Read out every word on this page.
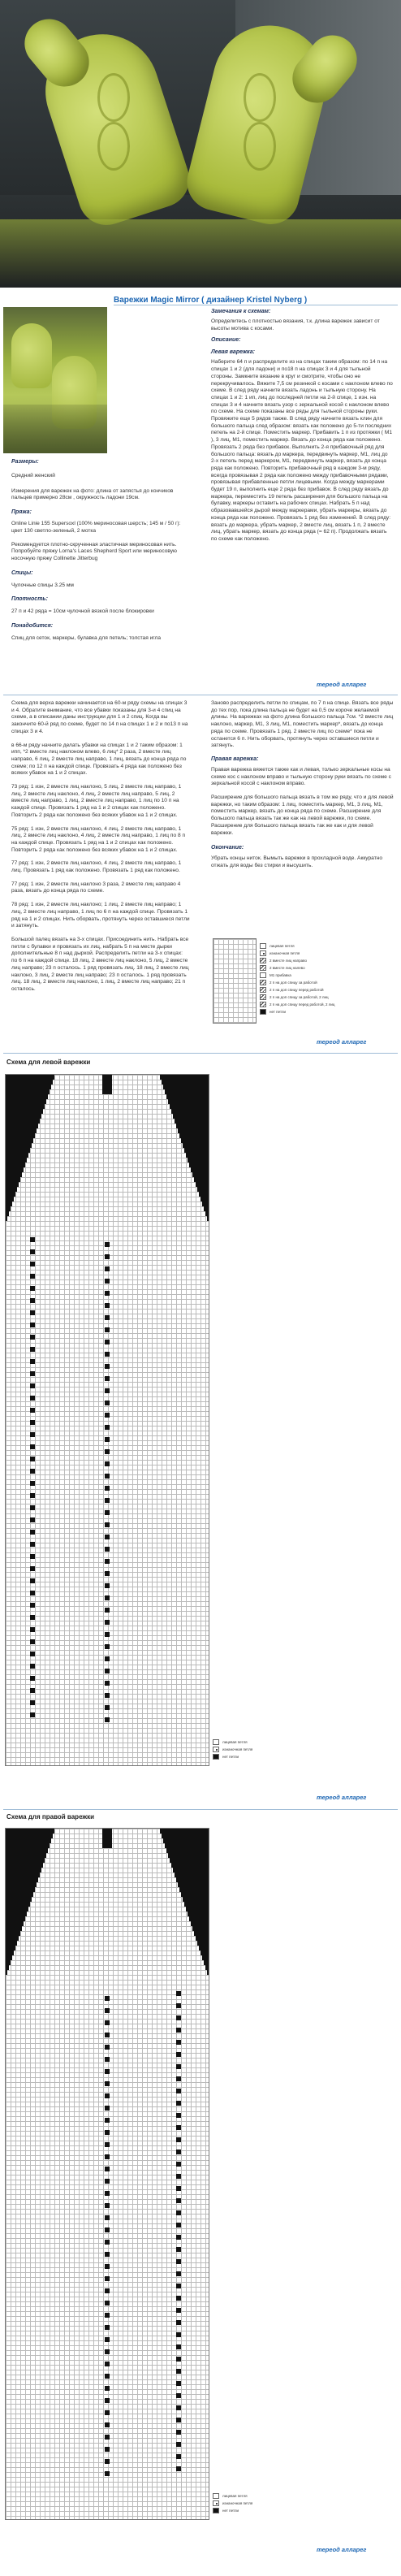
Варежки Magic Mirror ( дизайнер Kristel Nyberg )
Размеры:
Средний женский
Измерения для варежек на фото: длина от запястья до кончиков пальцев примерно 28см , окружность ладони 19см.
Пряжа:
Online Linie 155 Supersoxl (100% мериносовая шерсть; 145 м / 50 г): цвет 130 светло-зеленый, 2 мотка
Рекомендуется плотно-скрученная эластичная мериносовая нить. Попробуйте пряжу Lorna's Laces Shepherd Sport или мериносовую носочную пряжу Collinette Jitterbug
Спицы:
Чулочные спицы 3.25 мм
Плотность:
27 п и 42 ряда = 10см чулочной вязкой после блокировки
Понадобится:
Спиц для сеток, маркеры, булавка для петель; толстая игла
Замечания к схемам:
Определитесь с плотностью вязания, т.к. длина варежек зависит от высоты мотива с косами.
Описание:
Левая варежка:
Наберите 64 п и распределите из на спицах таким образом: по 14 п на спицах 1 и 2 (для ладони) и по18 п на спицах 3 и 4 для тыльной стороны. Замкните вязание в круг и смотрите, чтобы оно не перекручивалось. Вяжите 7,5 см резинкой с косами с наклоном влево по схеме. В след ряду начните вязать ладонь и тыльную сторону. На спицах 1 и 2: 1 ип, лиц до последней петли на 2-й спице, 1 изн. на спицах 3 и 4 начните вязать узор с зеркальной косой с наклоном влево по схеме. На схеме показаны все ряды для тыльной стороны руки. Провяжите еще 5 рядов также. В след ряду начните вязать клин для большого пальца след образом: вязать как положено до 5-ти последних петель на 2-й спице. Поместить маркер. Прибавить 1 п из протяжки ( М1 ), 3 лиц, М1, поместить маркер. Вязать до конца ряда как положено. Провязать 2 ряда без прибавок. Выполнить 2-я прибавочный ряд для большого пальца: вязать до маркера, передвинуть маркер, М1, лиц до 2-х петель перед маркером, М1, передвинуть маркер, вязать до конца ряда как положено. Повторить прибавочный ряд в каждом 3-м ряду, всегда провязывая 2 ряда как положено между прибавочными рядами, провязывая прибавленные петли лицевыми. Когда между маркерами будет 19 п, выполнить еще 2 ряда без прибавок. В след ряду вязать до маркера, переместить 19 петель расширения для большого пальца на булавку, маркеры оставить на рабочих спицах. Набрать 5 п над образовавшейся дырой между маркерами, убрать маркеры, вязать до конца ряда как положено. Провязать 1 ряд без изменений. В след ряду: вязать до маркера, убрать маркер, 2 вместе лиц, вязать 1 п, 2 вместе лиц, убрать маркер, вязать до конца ряда (= 62 п). Продолжать вязать по схеме как положено.
тереод алларег
Схема для верха варежки начинается на 60-м ряду схемы на спицах 3 и 4. Обратите внимание, что все убавки показаны для 3-и 4 спиц на схеме, а в описании даны инструкции для 1 и 2 спиц. Когда вы закончите 60-й ряд по схеме, будет по 14 п на спицах 1 и 2 и по13 п на спицах 3 и 4.
в 66-м ряду начните делать убавки на спицах 1 и 2 таким образом: 1 ипп, *2 вместе лиц наклоном влево, 6 лиц* 2 раза, 2 вместе лиц направо, 6 лиц, 2 вместе лиц направо, 1 лиц, вязать до конца ряда по схеме; по 12 п на каждой спице. Провязать 4 ряда как положено без всяких убавок на 1 и 2 спицах.
73 ряд: 1 изн, 2 вместе лиц наклоно, 5 лиц, 2 вместе лиц направо, 1 лиц, 2 вместе лиц наклоно, 4 лиц, 2 вместе лиц направо, 5 лиц, 2 вместе лиц направо, 1 лиц, 2 вместе лиц направо, 1 лиц по 10 п на каждой спице. Провязать 1 ряд на 1 и 2 спицах как положено. Повторить 2 ряда как положено без всяких убавок на 1 и 2 спицах.
75 ряд: 1 изн, 2 вместе лиц наклоно, 4 лиц, 2 вместе лиц направо, 1 лиц, 2 вместе лиц наклоно, 4 лиц, 2 вместе лиц направо, 1 лиц по 8 п на каждой спице. Провязать 1 ряд на 1 и 2 спицах как положено. Повторить 2 ряда как положено без всяких убавок на 1 и 2 спицах.
77 ряд: 1 изн, 2 вместе лиц наклоно, 4 лиц, 2 вместе лиц направо, 1 лиц. Провязать 1 ряд как положено. Провязать 1 ряд как положено.
77 ряд: 1 изн, 2 вместе лиц наклоно 3 раза, 2 вместе лиц направо 4 раза, вязать до конца ряда по схеме.
78 ряд: 1 изн, 2 вместе лиц наклоно; 1 лиц, 2 вместе лиц направо; 1 лиц, 2 вместе лиц направо, 1 лиц по 6 п на каждой спице. Провязать 1 ряд на 1 и 2 спицах. Нить оборвать, протянуть через оставшиеся петли и затянуть.
Большой палец вязать на 3-х спицах. Присоединить нить. Набрать все петли с булавки и провязать их лиц, набрать 5 п на месте дырки дополнительные 8 п над дыркой. Распределить петли на 3-х спицах: по 6 п на каждой спице. 18 лиц, 2 вместе лиц наклоно, 5 лиц, 2 вместе лиц направо; 23 п осталось. 1 ряд провязать лиц. 18 лиц, 2 вместе лиц наклоно, 3 лиц, 2 вместе лиц направо; 23 п осталось. 1 ряд провязать лиц. 18 лиц, 2 вместе лиц наклоно, 1 лиц, 2 вместе лиц направо; 21 п осталось.
Заново распределить петли по спицам, по 7 п на спице. Вязать все ряды до тех пор, пока длина пальца не будет на 0,5 см короче желаемой длины. На варежках на фото длина большого пальца 7см. *2 вместе лиц наклоно, маркер, М1, 3 лиц, М1, поместить маркер*, вязать до конца ряда по схеме. Провязать 1 ряд. 2 вместе лиц по схеме* пока не останется 6 п. Нить оборвать, протянуть через оставшиеся петли и затянуть.
Правая варежка:
Правая варежка вяжется также как и левая, только зеркальные косы на схеме кос с наклоном вправо и тыльную сторону руки вязать по схеме с зеркальной косой с наклоном вправо.
Расширение для большого пальца вязать в том же ряду, что и для левой варежки, но таким образом: 1 лиц, поместить маркер, М1, 3 лиц, М1, поместить маркер, вязать до конца ряда по схеме. Расширение для большого пальца вязать так же как на левой варежке, по схеме. Расширение для большого пальца вязать так же как и для левой варежки.
Окончание:
Убрать концы ниток. Вымыть варежки в прохладной воде. Аккуратно отжать для воды без стирки и высушить.
лицевая петля
изнаночная петля
2 вместе лиц направо
2 вместе лиц налево
М1 прибавка
2 п на доп спицу за работой
2 п на доп спицу перед работой
2 п на доп спицу за работой, 2 лиц
2 п на доп спицу перед работой, 2 лиц
нет петли
тереод алларег
Схема для левой варежки
лицевая петля
изнаночная петля
нет петли
тереод алларег
Схема для правой варежки
лицевая петля
изнаночная петля
нет петли
тереод алларег
